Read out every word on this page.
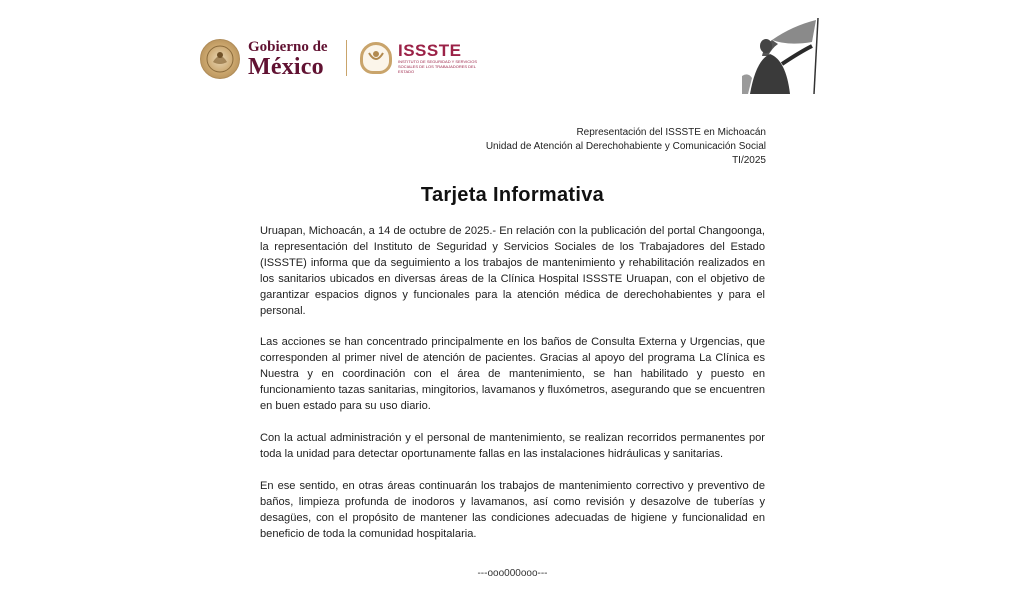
Gobierno de
México
ISSSTE
INSTITUTO DE SEGURIDAD Y SERVICIOS SOCIALES DE LOS TRABAJADORES DEL ESTADO
Representación del ISSSTE en Michoacán
Unidad de Atención al Derechohabiente y Comunicación Social
TI/2025
Tarjeta Informativa

Uruapan, Michoacán, a 14 de octubre de 2025.- En relación con la publicación del portal Changoonga, la representación del Instituto de Seguridad y Servicios Sociales de los Trabajadores del Estado (ISSSTE) informa que da seguimiento a los trabajos de mantenimiento y rehabilitación realizados en los sanitarios ubicados en diversas áreas de la Clínica Hospital ISSSTE Uruapan, con el objetivo de garantizar espacios dignos y funcionales para la atención médica de derechohabientes y para el personal.

Las acciones se han concentrado principalmente en los baños de Consulta Externa y Urgencias, que corresponden al primer nivel de atención de pacientes. Gracias al apoyo del programa La Clínica es Nuestra y en coordinación con el área de mantenimiento, se han habilitado y puesto en funcionamiento tazas sanitarias, mingitorios, lavamanos y fluxómetros, asegurando que se encuentren en buen estado para su uso diario.

Con la actual administración y el personal de mantenimiento, se realizan recorridos permanentes por toda la unidad para detectar oportunamente fallas en las instalaciones hidráulicas y sanitarias.

En ese sentido, en otras áreas continuarán los trabajos de mantenimiento correctivo y preventivo de baños, limpieza profunda de inodoros y lavamanos, así como revisión y desazolve de tuberías y desagües, con el propósito de mantener las condiciones adecuadas de higiene y funcionalidad en beneficio de toda la comunidad hospitalaria.

---ooo000ooo---
